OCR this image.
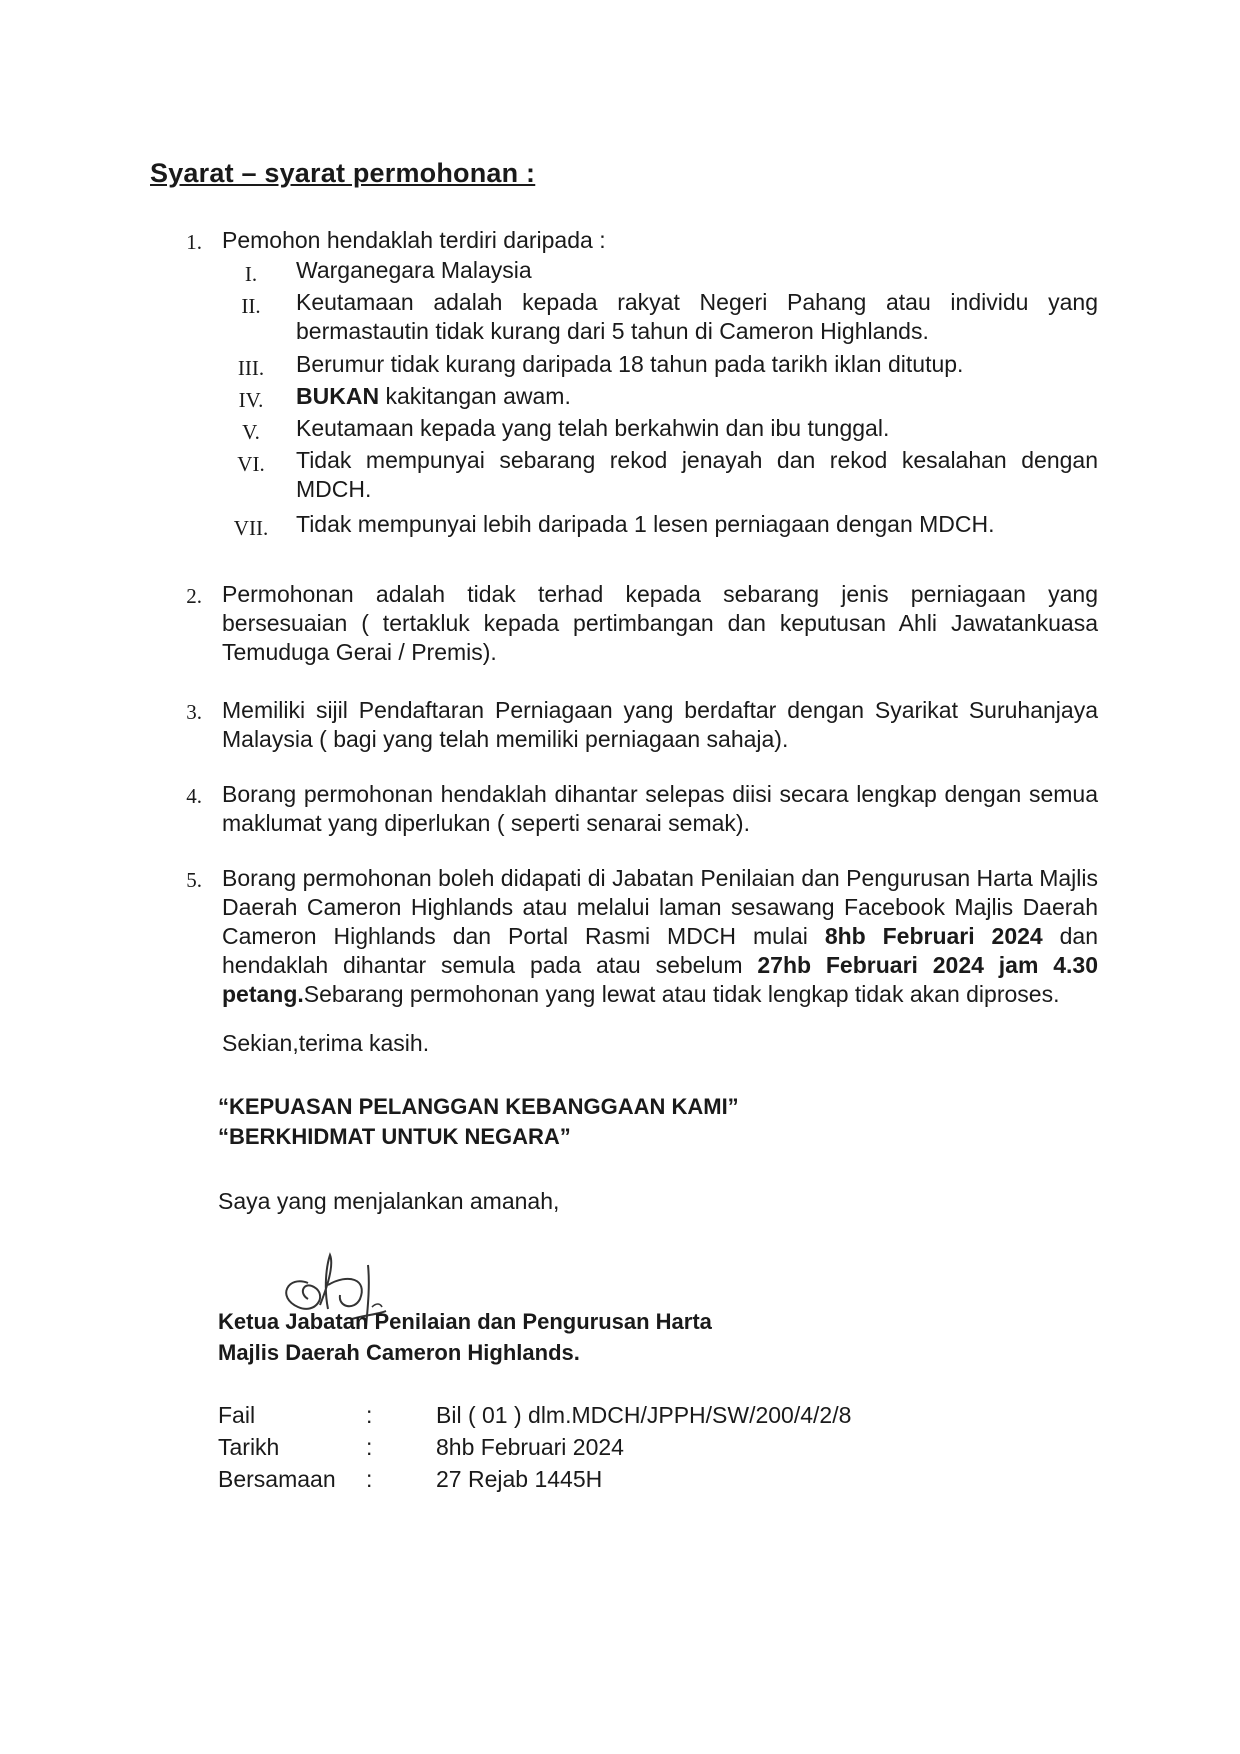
Syarat – syarat permohonan :
1. Pemohon hendaklah terdiri daripada :
I.	Warganegara Malaysia
II.	Keutamaan adalah kepada rakyat Negeri Pahang atau individu yang bermastautin tidak kurang dari 5 tahun di Cameron Highlands.
III.	Berumur tidak kurang daripada 18 tahun pada tarikh iklan ditutup.
IV.	BUKAN kakitangan awam.
V.	Keutamaan kepada yang telah berkahwin dan ibu tunggal.
VI.	Tidak mempunyai sebarang rekod jenayah dan rekod kesalahan dengan MDCH.
VII.	Tidak mempunyai lebih daripada 1 lesen perniagaan dengan MDCH.
2. Permohonan adalah tidak terhad kepada sebarang jenis perniagaan yang bersesuaian ( tertakluk kepada pertimbangan dan keputusan Ahli Jawatankuasa Temuduga Gerai / Premis).
3. Memiliki sijil Pendaftaran Perniagaan yang berdaftar dengan Syarikat Suruhanjaya Malaysia ( bagi yang telah memiliki perniagaan sahaja).
4. Borang permohonan hendaklah dihantar selepas diisi secara lengkap dengan semua maklumat yang diperlukan ( seperti senarai semak).
5. Borang permohonan boleh didapati di Jabatan Penilaian dan Pengurusan Harta Majlis Daerah Cameron Highlands atau melalui laman sesawang Facebook Majlis Daerah Cameron Highlands dan Portal Rasmi MDCH mulai 8hb Februari 2024 dan hendaklah dihantar semula pada atau sebelum 27hb Februari 2024 jam 4.30 petang.Sebarang permohonan yang lewat atau tidak lengkap tidak akan diproses.
Sekian,terima kasih.
“KEPUASAN PELANGGAN KEBANGGAAN KAMI”
“BERKHIDMAT UNTUK NEGARA”
Saya yang menjalankan amanah,
Ketua Jabatan Penilaian dan Pengurusan Harta
Majlis Daerah Cameron Highlands.
Fail	:	Bil ( 01 ) dlm.MDCH/JPPH/SW/200/4/2/8
Tarikh	:	8hb Februari 2024
Bersamaan :	27 Rejab 1445H
